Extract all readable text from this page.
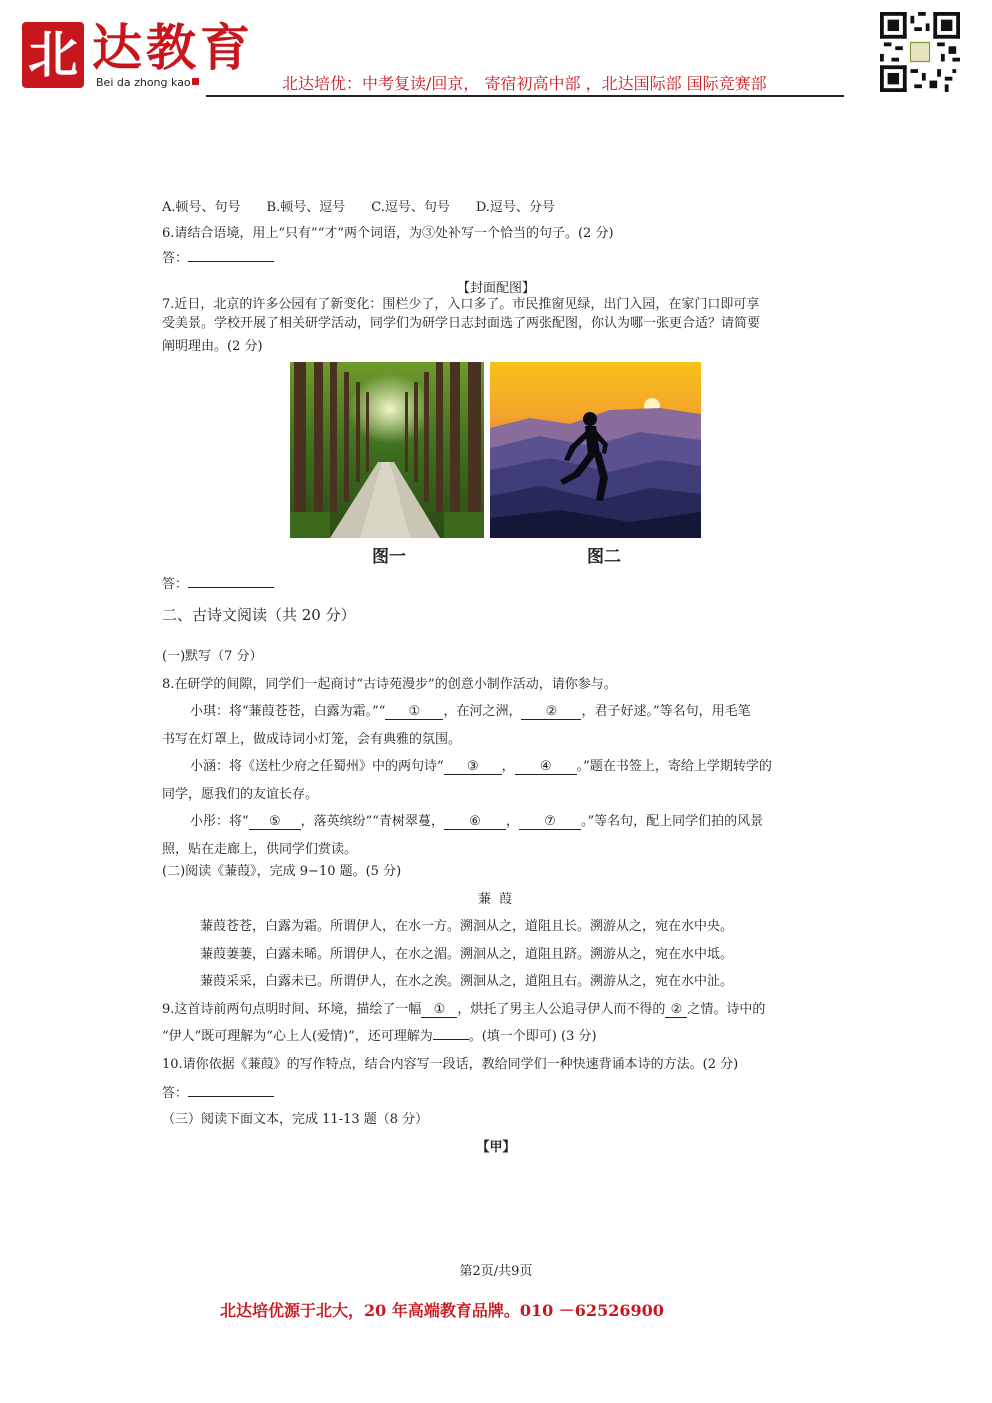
北 达教育
Bei da zhong kao	北达培优：中考复读/回京， 寄宿初高中部 ，北达国际部 国际竞赛部
A.顿号、句号　　B.顿号、逗号　　C.逗号、句号　　D.逗号、分号
6.请结合语境，用上“只有”“才”两个词语，为③处补写一个恰当的句子。(2 分)
答：
【封面配图】
7.近日，北京的许多公园有了新变化：围栏少了，入口多了。市民推窗见绿，出门入园，在家门口即可享
受美景。学校开展了相关研学活动，同学们为研学日志封面选了两张配图，你认为哪一张更合适？请简要
阐明理由。(2 分)
图一	图二
答：
二、古诗文阅读（共 20 分）
(一)默写（7 分）
8.在研学的间隙，同学们一起商讨“古诗苑漫步”的创意小制作活动，请你参与。
小琪：将“蒹葭苍苍，白露为霜。”“ ① ，在河之洲， ② ，君子好逑。”等名句，用毛笔
书写在灯罩上，做成诗词小灯笼，会有典雅的氛围。
小涵：将《送杜少府之任蜀州》中的两句诗“ ③ ， ④ 。”题在书签上，寄给上学期转学的
同学，愿我们的友谊长存。
小彤：将“ ⑤ ，落英缤纷”“青树翠蔓， ⑥ ， ⑦ 。”等名句，配上同学们拍的风景
照，贴在走廊上，供同学们赏读。
(二)阅读《蒹葭》，完成 9−10 题。(5 分)
蒹 葭
蒹葭苍苍，白露为霜。所谓伊人，在水一方。溯洄从之，道阻且长。溯游从之，宛在水中央。
蒹葭萋萋，白露未晞。所谓伊人，在水之湄。溯洄从之，道阻且跻。溯游从之，宛在水中坻。
蒹葭采采，白露未已。所谓伊人，在水之涘。溯洄从之，道阻且右。溯游从之，宛在水中沚。
9.这首诗前两句点明时间、环境，描绘了一幅 ① ，烘托了男主人公追寻伊人而不得的 ② 之情。诗中的
“伊人”既可理解为“心上人(爱情)”，还可理解为	。(填一个即可) (3 分)
10.请你依据《蒹葭》的写作特点，结合内容写一段话，教给同学们一种快速背诵本诗的方法。(2 分)
答：
（三）阅读下面文本，完成 11-13 题（8 分）
【甲】
第2页/共9页
北达培优源于北大，20 年高端教育品牌。010 －62526900
